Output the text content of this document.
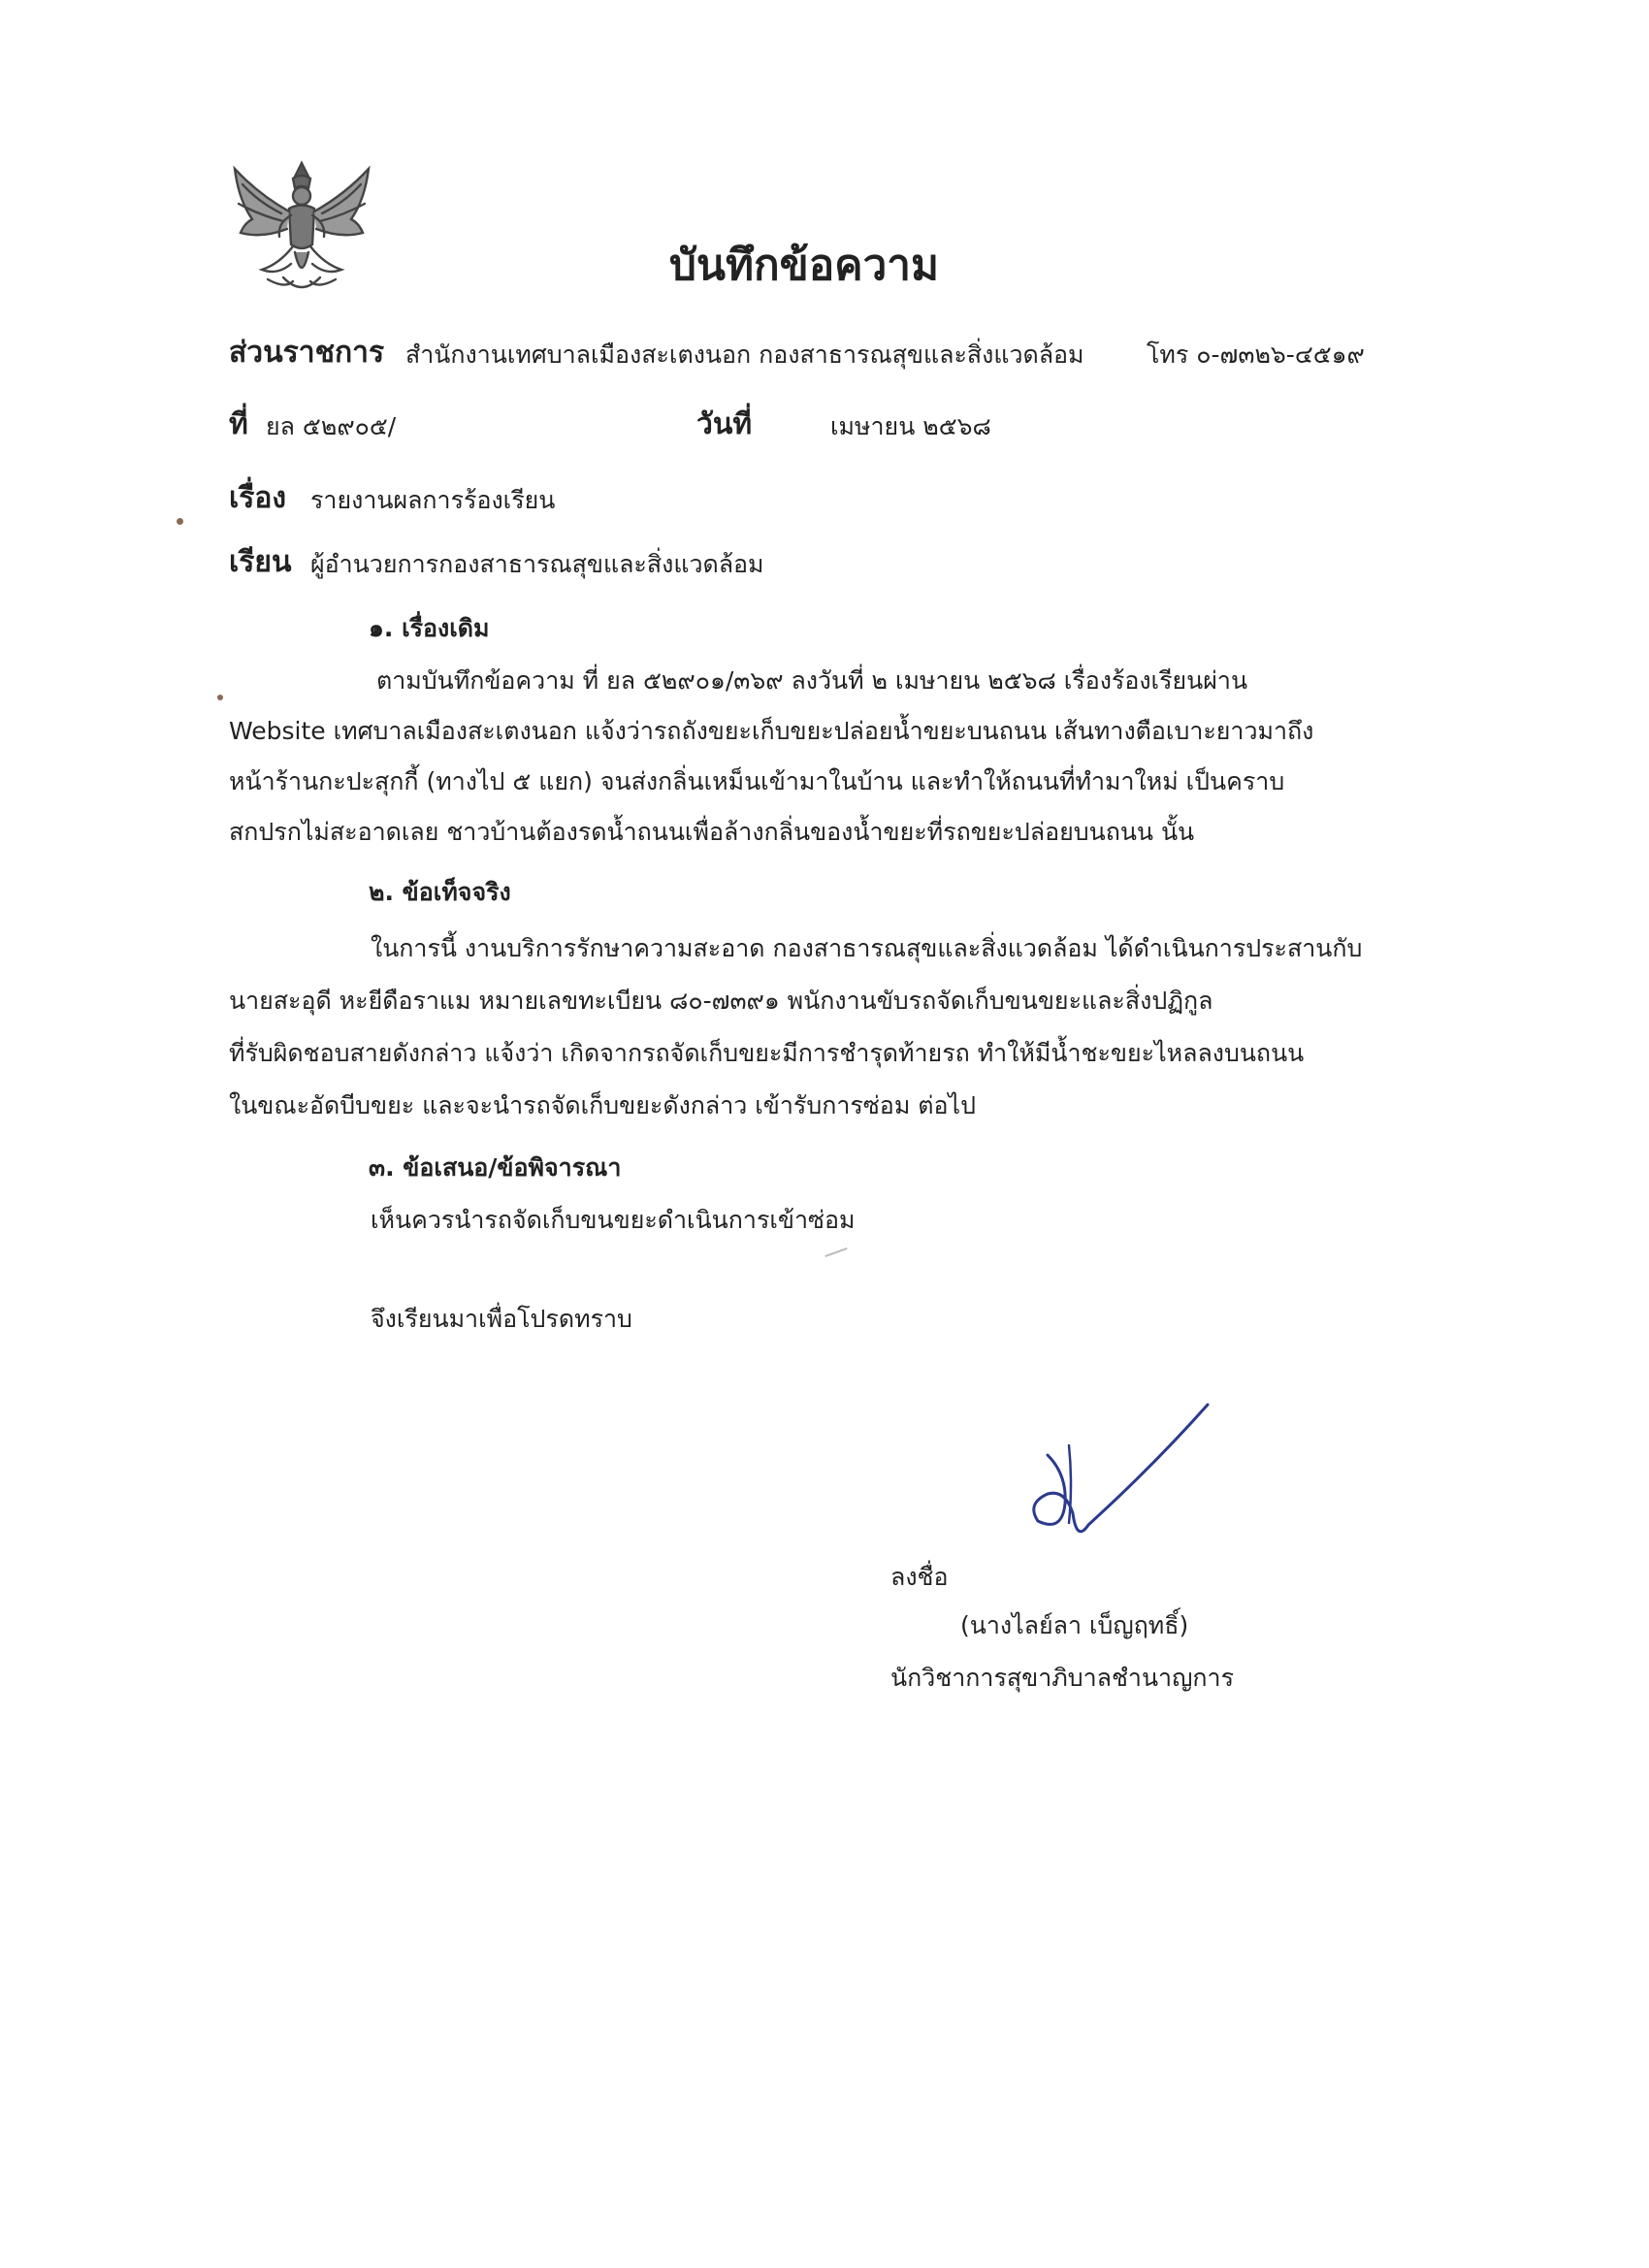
บันทึกข้อความ
ส่วนราชการ สำนักงานเทศบาลเมืองสะเตงนอก กองสาธารณสุขและสิ่งแวดล้อม	โทร ๐-๗๓๒๖-๔๕๑๙
ที่ ยล ๕๒๙๐๕/	วันที่	เมษายน ๒๕๖๘
เรื่อง รายงานผลการร้องเรียน
เรียน ผู้อำนวยการกองสาธารณสุขและสิ่งแวดล้อม
๑. เรื่องเดิม
ตามบันทึกข้อความ ที่ ยล ๕๒๙๐๑/๓๖๙ ลงวันที่ ๒ เมษายน ๒๕๖๘ เรื่องร้องเรียนผ่าน
Website เทศบาลเมืองสะเตงนอก แจ้งว่ารถถังขยะเก็บขยะปล่อยน้ำขยะบนถนน เส้นทางตือเบาะยาวมาถึง
หน้าร้านกะปะสุกกี้ (ทางไป ๕ แยก) จนส่งกลิ่นเหม็นเข้ามาในบ้าน และทำให้ถนนที่ทำมาใหม่ เป็นคราบ
สกปรกไม่สะอาดเลย ชาวบ้านต้องรดน้ำถนนเพื่อล้างกลิ่นของน้ำขยะที่รถขยะปล่อยบนถนน นั้น
๒. ข้อเท็จจริง
ในการนี้ งานบริการรักษาความสะอาด กองสาธารณสุขและสิ่งแวดล้อม ได้ดำเนินการประสานกับ
นายสะอุดี หะยีดือราแม หมายเลขทะเบียน ๘๐-๗๓๙๑ พนักงานขับรถจัดเก็บขนขยะและสิ่งปฏิกูล
ที่รับผิดชอบสายดังกล่าว แจ้งว่า เกิดจากรถจัดเก็บขยะมีการชำรุดท้ายรถ ทำให้มีน้ำชะขยะไหลลงบนถนน
ในขณะอัดบีบขยะ และจะนำรถจัดเก็บขยะดังกล่าว เข้ารับการซ่อม ต่อไป
๓. ข้อเสนอ/ข้อพิจารณา
เห็นควรนำรถจัดเก็บขนขยะดำเนินการเข้าซ่อม
จึงเรียนมาเพื่อโปรดทราบ
ลงชื่อ
(นางไลย์ลา เบ็ญฤทธิ์)
นักวิชาการสุขาภิบาลชำนาญการ
